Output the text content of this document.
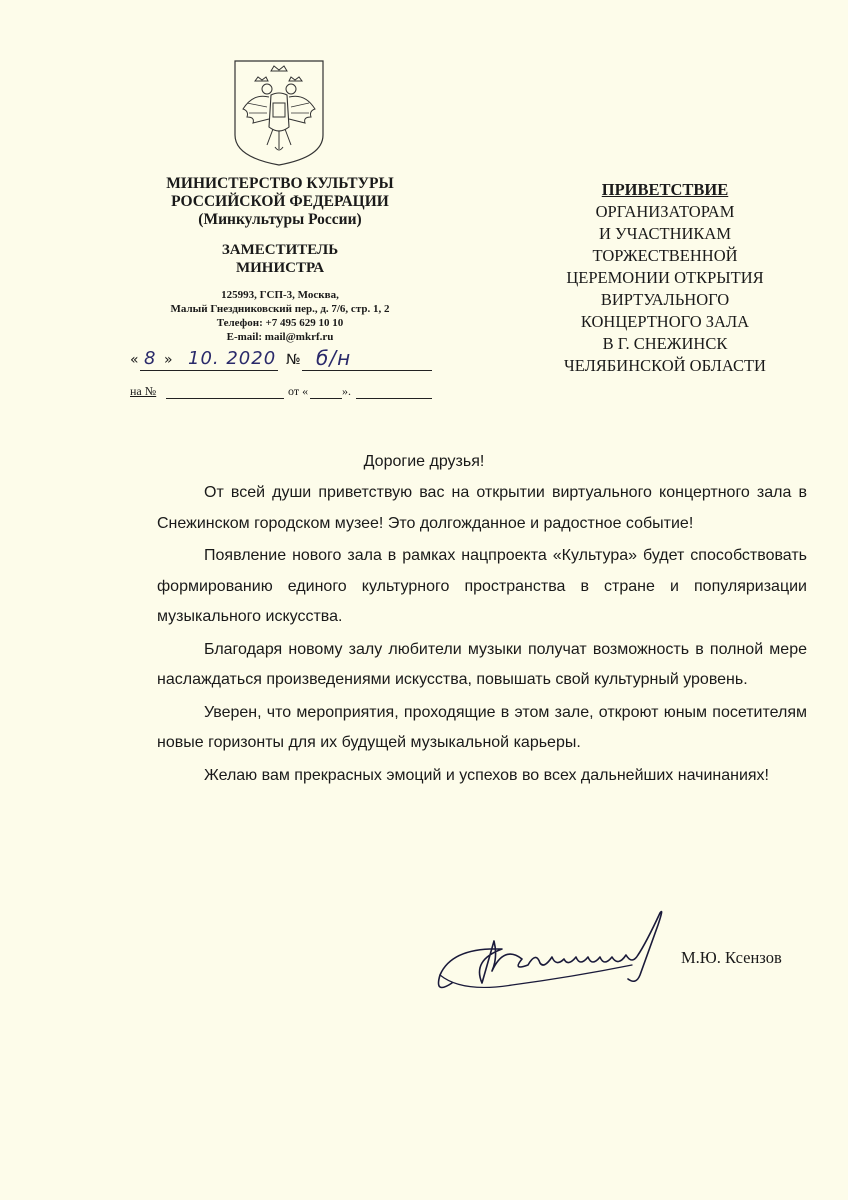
МИНИСТЕРСТВО КУЛЬТУРЫ
РОССИЙСКОЙ ФЕДЕРАЦИИ
(Минкультуры России)
ЗАМЕСТИТЕЛЬ
МИНИСТРА
125993, ГСП-3, Москва,
Малый Гнездниковский пер., д. 7/6, стр. 1, 2
Телефон: +7 495 629 10 10
E-mail: mail@mkrf.ru
« 8 » 10. 2020 № б/н
на №	от «	».
ПРИВЕТСТВИЕ
ОРГАНИЗАТОРАМ
И УЧАСТНИКАМ
ТОРЖЕСТВЕННОЙ
ЦЕРЕМОНИИ ОТКРЫТИЯ
ВИРТУАЛЬНОГО
КОНЦЕРТНОГО ЗАЛА
В Г. СНЕЖИНСК
ЧЕЛЯБИНСКОЙ ОБЛАСТИ
Дорогие друзья!

От всей души приветствую вас на открытии виртуального концертного зала в Снежинском городском музее! Это долгожданное и радостное событие!

Появление нового зала в рамках нацпроекта «Культура» будет способствовать формированию единого культурного пространства в стране и популяризации музыкального искусства.

Благодаря новому залу любители музыки получат возможность в полной мере наслаждаться произведениями искусства, повышать свой культурный уровень.

Уверен, что мероприятия, проходящие в этом зале, откроют юным посетителям новые горизонты для их будущей музыкальной карьеры.

Желаю вам прекрасных эмоций и успехов во всех дальнейших начинаниях!

М.Ю. Ксензов
